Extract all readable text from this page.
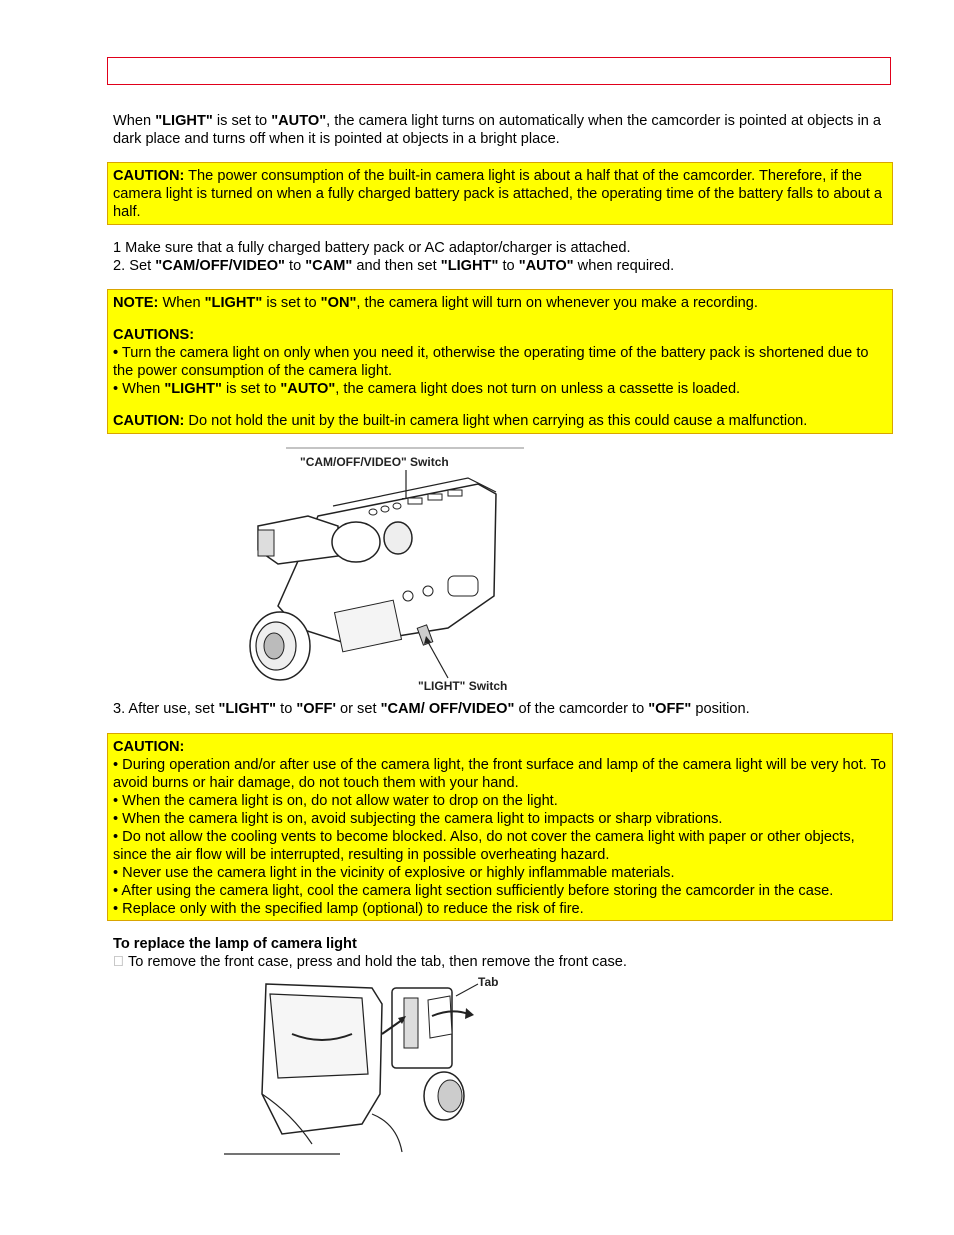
When "LIGHT" is set to "AUTO", the camera light turns on automatically when the camcorder is pointed at objects in a dark place and turns off when it is pointed at objects in a bright place.

CAUTION: The power consumption of the built-in camera light is about a half that of the camcorder. Therefore, if the camera light is turned on when a fully charged battery pack is attached, the operating time of the battery falls to about a half.

1 Make sure that a fully charged battery pack or AC adaptor/charger is attached.

2. Set "CAM/OFF/VIDEO" to "CAM" and then set "LIGHT" to "AUTO" when required.

NOTE: When "LIGHT" is set to "ON", the camera light will turn on whenever you make a recording.

CAUTIONS:

• Turn the camera light on only when you need it, otherwise the operating time of the battery pack is shortened due to the power consumption of the camera light.

• When "LIGHT" is set to "AUTO", the camera light does not turn on unless a cassette is loaded.

CAUTION: Do not hold the unit by the built-in camera light when carrying as this could cause a malfunction.

"CAM/OFF/VIDEO" Switch
"LIGHT" Switch

3. After use, set "LIGHT" to "OFF' or set "CAM/ OFF/VIDEO" of the camcorder to "OFF" position.

CAUTION:

• During operation and/or after use of the camera light, the front surface and lamp of the camera light will be very hot. To avoid burns or hair damage, do not touch them with your hand.

• When the camera light is on, do not allow water to drop on the light.

• When the camera light is on, avoid subjecting the camera light to impacts or sharp vibrations.

• Do not allow the cooling vents to become blocked. Also, do not cover the camera light with paper or other objects, since the air flow will be interrupted, resulting in possible overheating hazard.

• Never use the camera light in the vicinity of explosive or highly inflammable materials.

• After using the camera light, cool the camera light section sufficiently before storing the camcorder in the case.

• Replace only with the specified lamp (optional) to reduce the risk of fire.

To replace the lamp of camera light

To remove the front case, press and hold the tab, then remove the front case.

Tab
